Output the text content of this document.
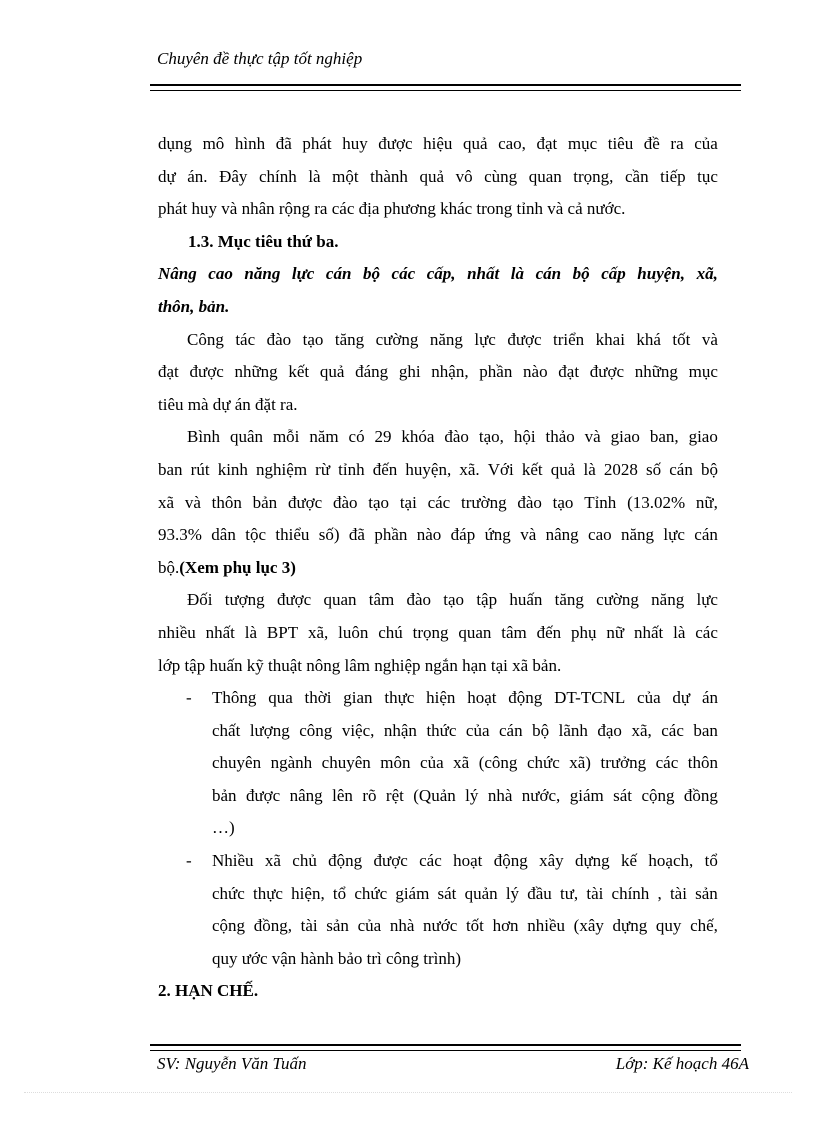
Chuyên đề thực tập tốt nghiệp
dụng mô hình đã phát huy được hiệu quả cao, đạt mục tiêu đề ra của
dự án. Đây chính là một thành quả vô cùng quan trọng, cần tiếp tục
phát huy và nhân rộng ra các địa phương khác trong tỉnh và cả nước.
1.3. Mục tiêu thứ ba.
Nâng cao năng lực cán bộ các cấp, nhất là cán bộ cấp huyện, xã,
thôn, bản.
Công tác đào tạo tăng cường năng lực được triển khai khá tốt và
đạt được những kết quả đáng ghi nhận, phần nào đạt được những mục
tiêu mà dự án đặt ra.
Bình quân mỗi năm có 29 khóa đào tạo, hội thảo và giao ban, giao
ban rút kinh nghiệm rừ tỉnh đến huyện, xã. Với kết quả là 2028 số cán bộ
xã và thôn bản được đào tạo tại các trường đào tạo Tỉnh (13.02% nữ,
93.3% dân tộc thiểu số) đã phần nào đáp ứng và nâng cao năng lực cán
bộ. (Xem phụ lục 3)
Đối tượng được quan tâm đào tạo tập huấn tăng cường năng lực
nhiều nhất là BPT xã, luôn chú trọng quan tâm đến phụ nữ nhất là các
lớp tập huấn kỹ thuật nông lâm nghiệp ngắn hạn tại xã bản.
- Thông qua thời gian thực hiện hoạt động DT-TCNL của dự án
chất lượng công việc, nhận thức của cán bộ lãnh đạo xã, các ban
chuyên ngành chuyên môn của xã (công chức xã) trưởng các thôn
bản được nâng lên rõ rệt (Quản lý nhà nước, giám sát cộng đồng
…)
- Nhiều xã chủ động được các hoạt động xây dựng kế hoạch, tổ
chức thực hiện, tổ chức giám sát quản lý đầu tư, tài chính , tài sản
cộng đồng, tài sản của nhà nước tốt hơn nhiều (xây dựng quy chế,
quy ước vận hành bảo trì công trình)
2. HẠN CHẾ.
SV: Nguyễn Văn Tuấn	Lớp: Kế hoạch 46A
